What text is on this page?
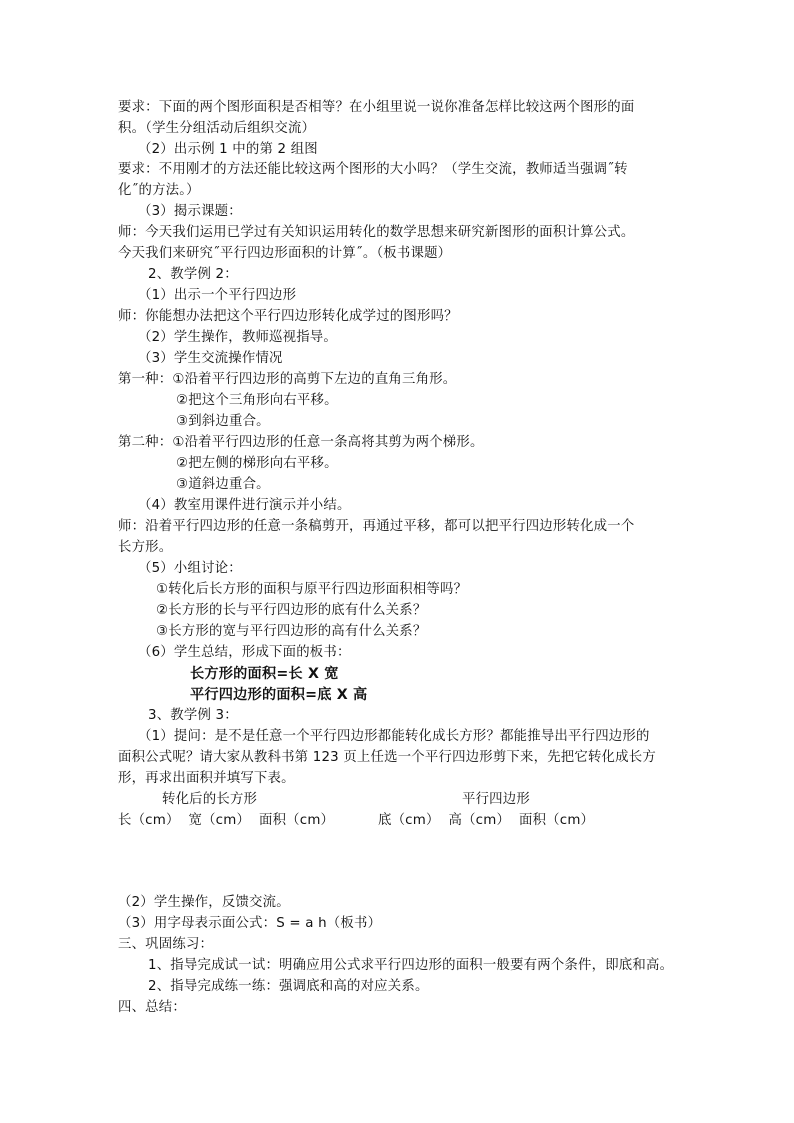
要求：下面的两个图形面积是否相等？在小组里说一说你准备怎样比较这两个图形的面
积。（学生分组活动后组织交流）
（2）出示例 1 中的第 2 组图
要求：不用刚才的方法还能比较这两个图形的大小吗？（学生交流，教师适当强调˝转
化˝的方法。）
（3）揭示课题：
师：今天我们运用已学过有关知识运用转化的数学思想来研究新图形的面积计算公式。
今天我们来研究˝平行四边形面积的计算˝。（板书课题）
2、教学例 2：
（1）出示一个平行四边形
师：你能想办法把这个平行四边形转化成学过的图形吗？
（2）学生操作，教师巡视指导。
（3）学生交流操作情况
第一种：①沿着平行四边形的高剪下左边的直角三角形。
②把这个三角形向右平移。
③到斜边重合。
第二种：①沿着平行四边形的任意一条高将其剪为两个梯形。
②把左侧的梯形向右平移。
③道斜边重合。
（4）教室用课件进行演示并小结。
师：沿着平行四边形的任意一条稿剪开，再通过平移，都可以把平行四边形转化成一个
长方形。
（5）小组讨论：
①转化后长方形的面积与原平行四边形面积相等吗？
②长方形的长与平行四边形的底有什么关系？
③长方形的宽与平行四边形的高有什么关系？
（6）学生总结，形成下面的板书：
长方形的面积=长 X 宽
平行四边形的面积=底 X 高
3、教学例 3：
（1）提问：是不是任意一个平行四边形都能转化成长方形？都能推导出平行四边形的
面积公式呢？请大家从教科书第 123 页上任选一个平行四边形剪下来，先把它转化成长方
形，再求出面积并填写下表。
转化后的长方形	平行四边形
长（cm）  宽（cm）  面积（cm）	底（cm）  高（cm）  面积（cm）
（2）学生操作，反馈交流。
（3）用字母表示面公式：S = a h（板书）
三、巩固练习：
1、指导完成试一试：明确应用公式求平行四边形的面积一般要有两个条件，即底和高。
2、指导完成练一练：强调底和高的对应关系。
四、总结：
